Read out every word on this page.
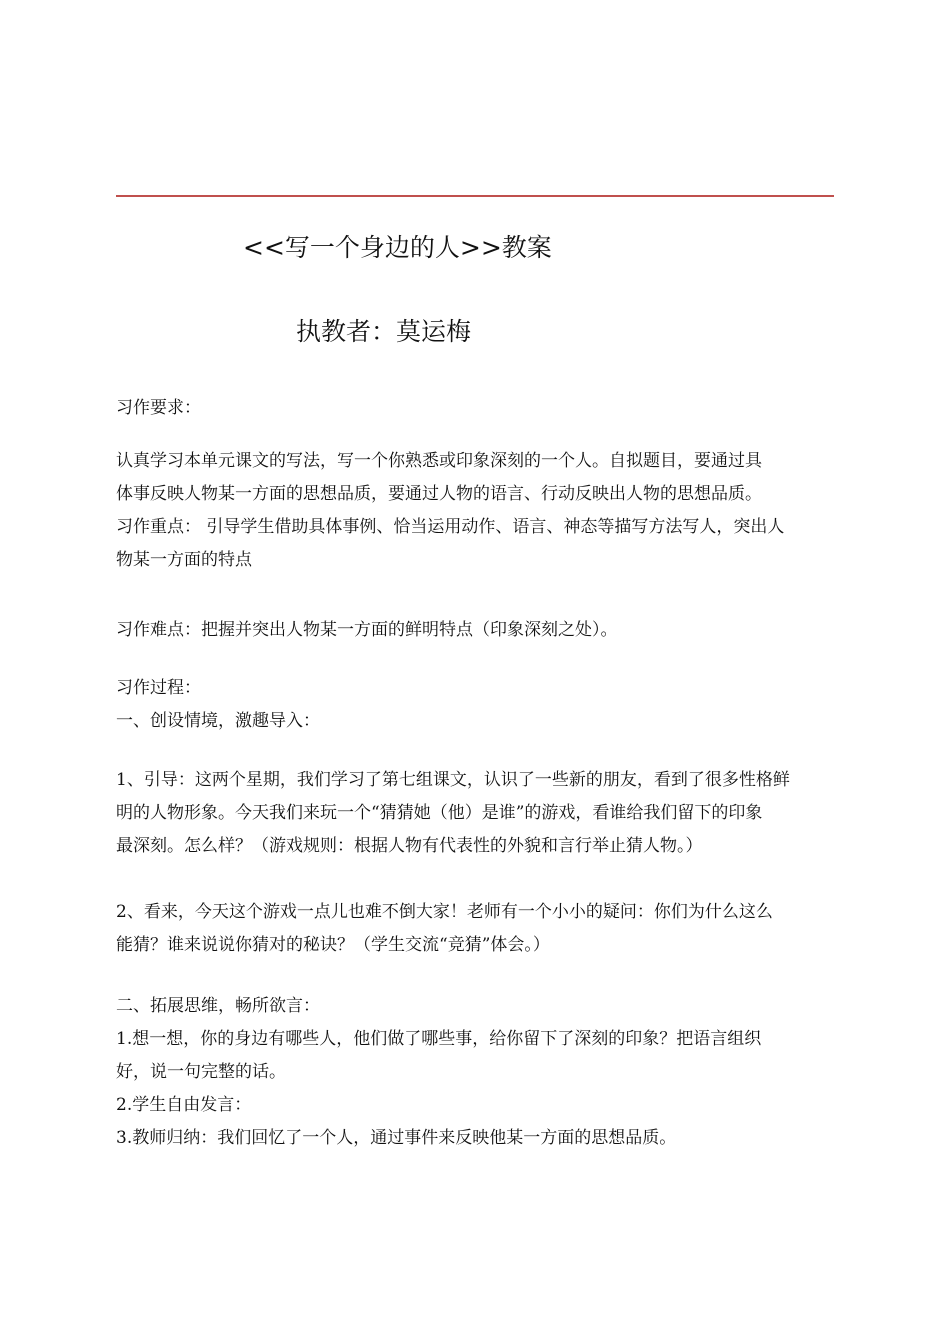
<<写一个身边的人>>教案
执教者：莫运梅
习作要求：
认真学习本单元课文的写法，写一个你熟悉或印象深刻的一个人。自拟题目，要通过具
体事反映人物某一方面的思想品质，要通过人物的语言、行动反映出人物的思想品质。
习作重点： 引导学生借助具体事例、恰当运用动作、语言、神态等描写方法写人，突出人
物某一方面的特点
习作难点：把握并突出人物某一方面的鲜明特点（印象深刻之处）。
习作过程：
一、创设情境，激趣导入：
1、引导：这两个星期，我们学习了第七组课文，认识了一些新的朋友，看到了很多性格鲜
明的人物形象。今天我们来玩一个“猜猜她（他）是谁”的游戏，看谁给我们留下的印象
最深刻。怎么样？（游戏规则：根据人物有代表性的外貌和言行举止猜人物。）
2、看来，今天这个游戏一点儿也难不倒大家！老师有一个小小的疑问：你们为什么这么
能猜？谁来说说你猜对的秘诀？（学生交流“竞猜”体会。）
二、拓展思维，畅所欲言：
1.想一想，你的身边有哪些人，他们做了哪些事，给你留下了深刻的印象？把语言组织
好，说一句完整的话。
2.学生自由发言：
3.教师归纳：我们回忆了一个人，通过事件来反映他某一方面的思想品质。
